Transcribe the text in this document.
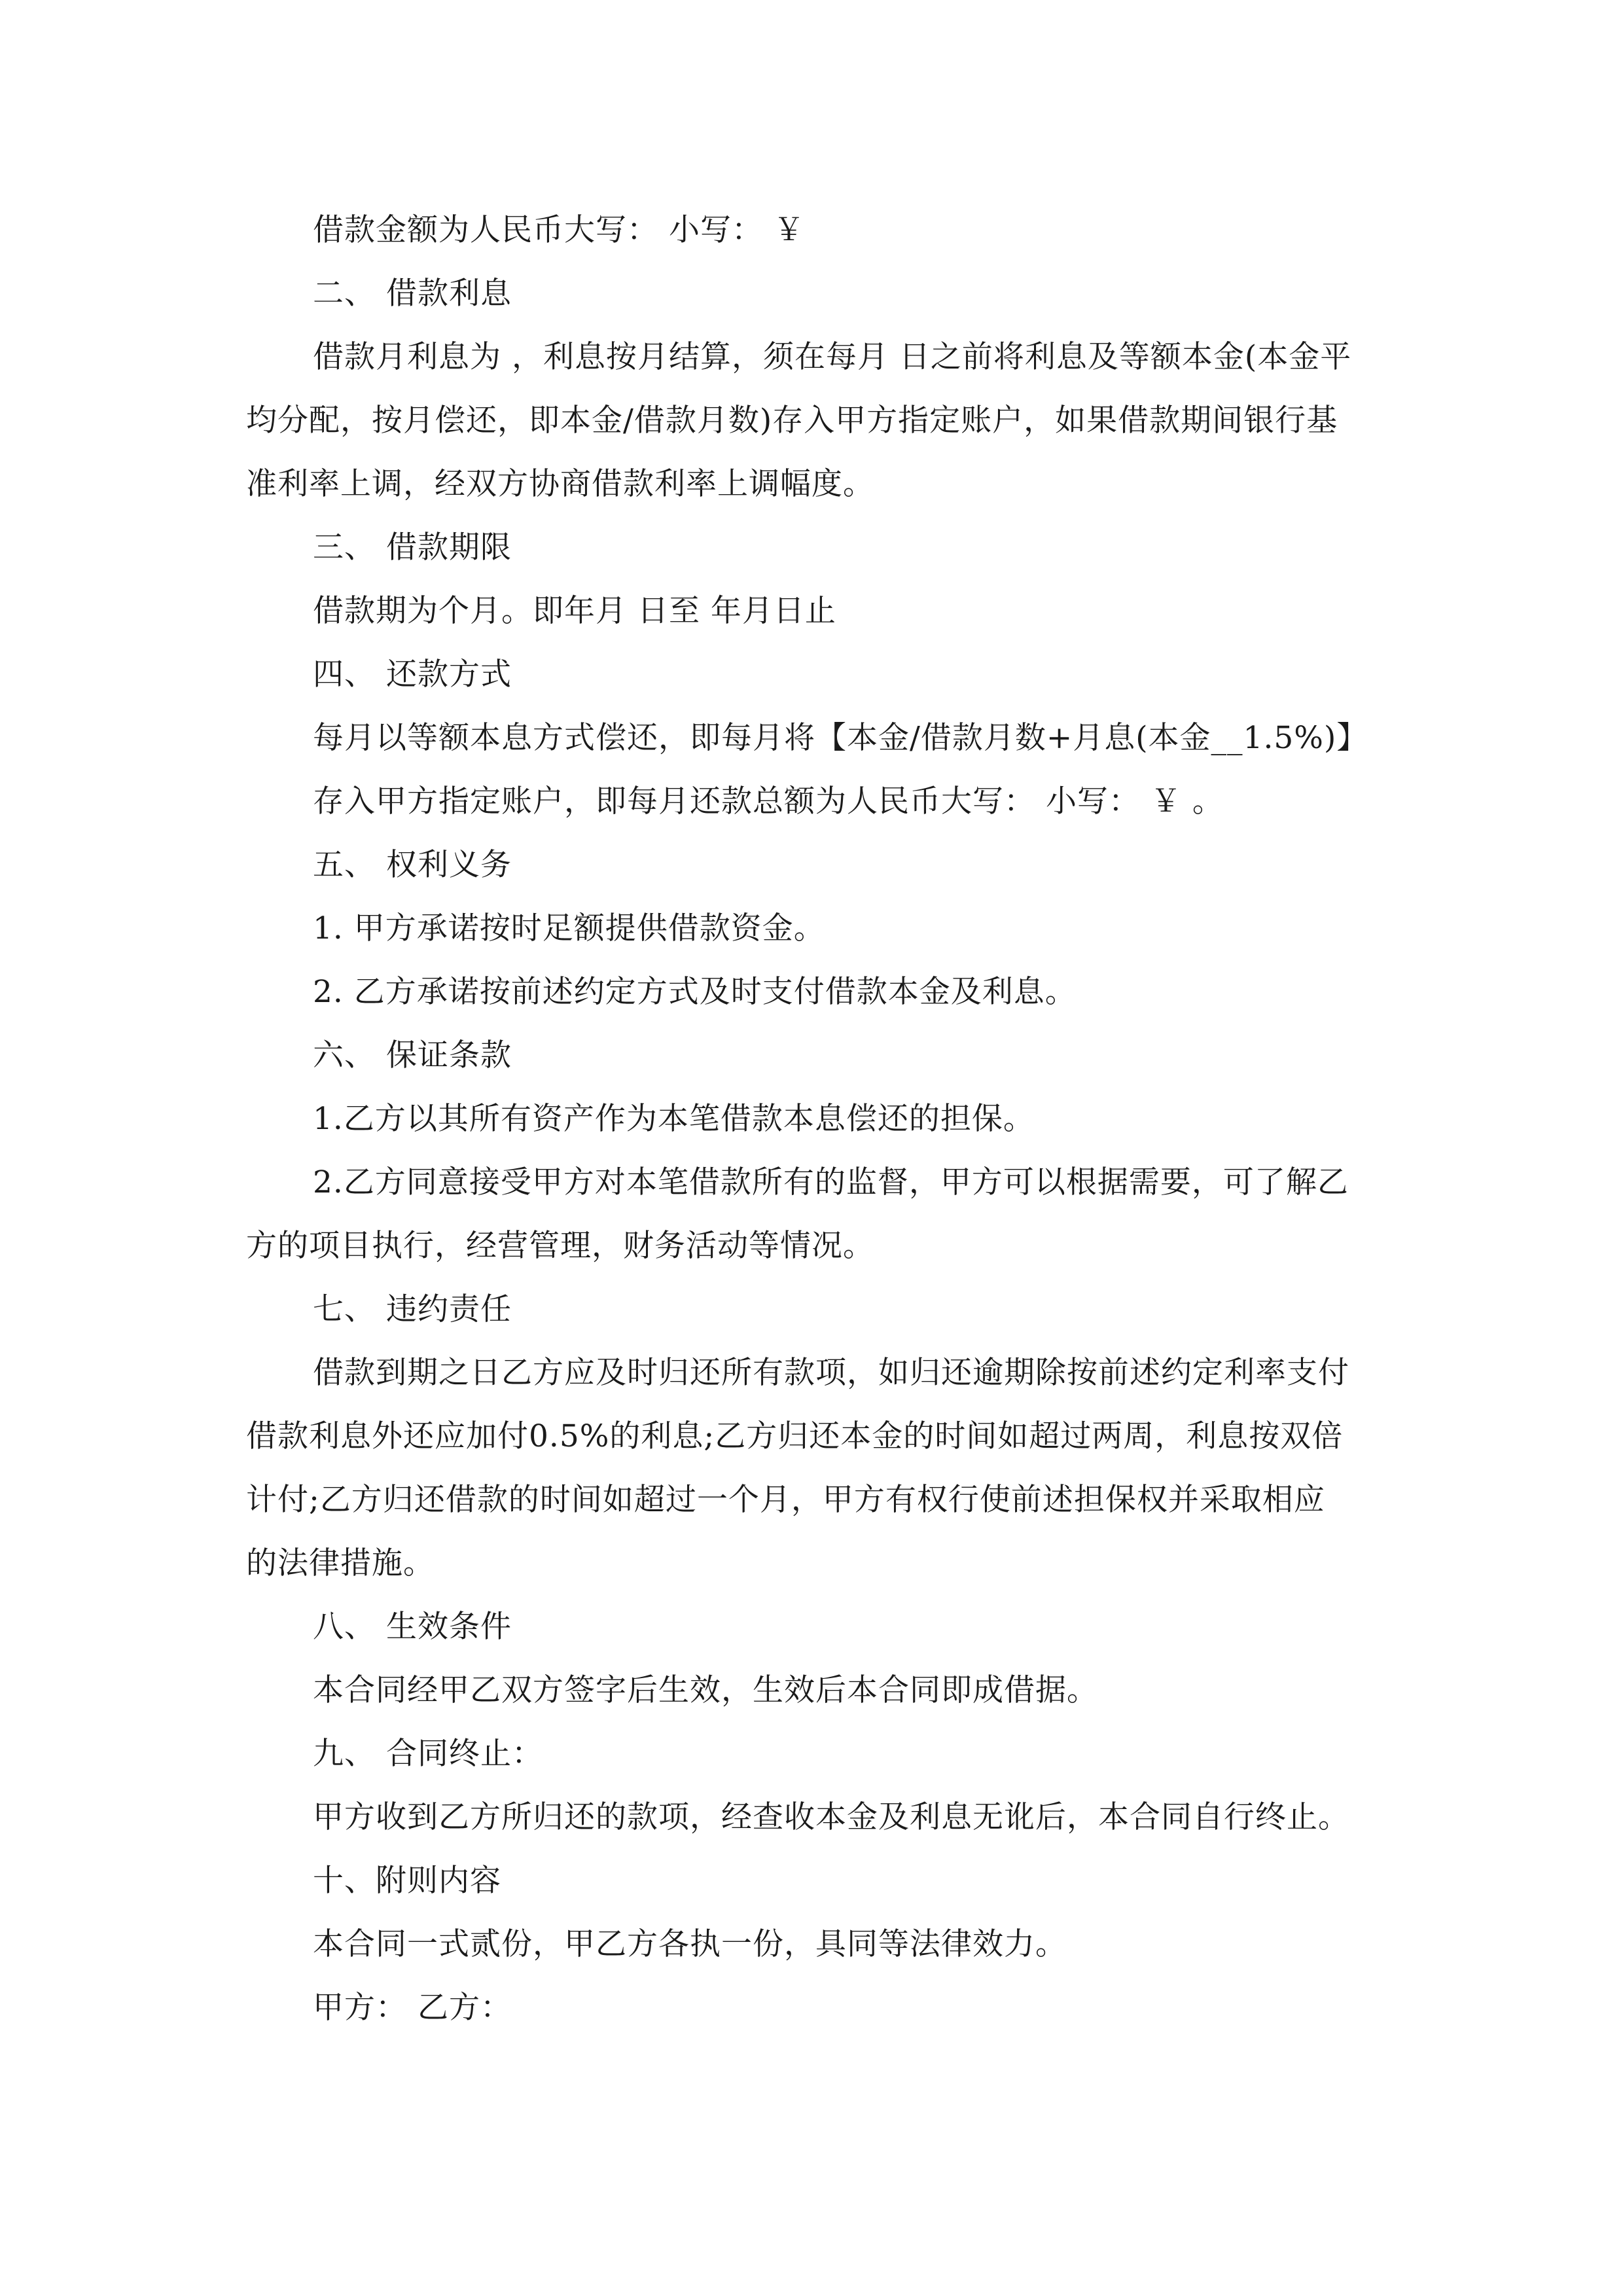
借款金额为人民币大写： 小写： ￥
二、 借款利息
借款月利息为 ，利息按月结算，须在每月 日之前将利息及等额本金(本金平
均分配，按月偿还，即本金/借款月数)存入甲方指定账户，如果借款期间银行基
准利率上调，经双方协商借款利率上调幅度。
三、 借款期限
借款期为个月。即年月 日至 年月日止
四、 还款方式
每月以等额本息方式偿还，即每月将【本金/借款月数+月息(本金__1.5%)】
存入甲方指定账户，即每月还款总额为人民币大写： 小写： ￥ 。
五、 权利义务
1. 甲方承诺按时足额提供借款资金。
2. 乙方承诺按前述约定方式及时支付借款本金及利息。
六、 保证条款
1.乙方以其所有资产作为本笔借款本息偿还的担保。
2.乙方同意接受甲方对本笔借款所有的监督，甲方可以根据需要，可了解乙
方的项目执行，经营管理，财务活动等情况。
七、 违约责任
借款到期之日乙方应及时归还所有款项，如归还逾期除按前述约定利率支付
借款利息外还应加付0.5%的利息;乙方归还本金的时间如超过两周，利息按双倍
计付;乙方归还借款的时间如超过一个月，甲方有权行使前述担保权并采取相应
的法律措施。
八、 生效条件
本合同经甲乙双方签字后生效，生效后本合同即成借据。
九、 合同终止：
甲方收到乙方所归还的款项，经查收本金及利息无讹后，本合同自行终止。
十、附则内容
本合同一式贰份，甲乙方各执一份，具同等法律效力。
甲方： 乙方：
